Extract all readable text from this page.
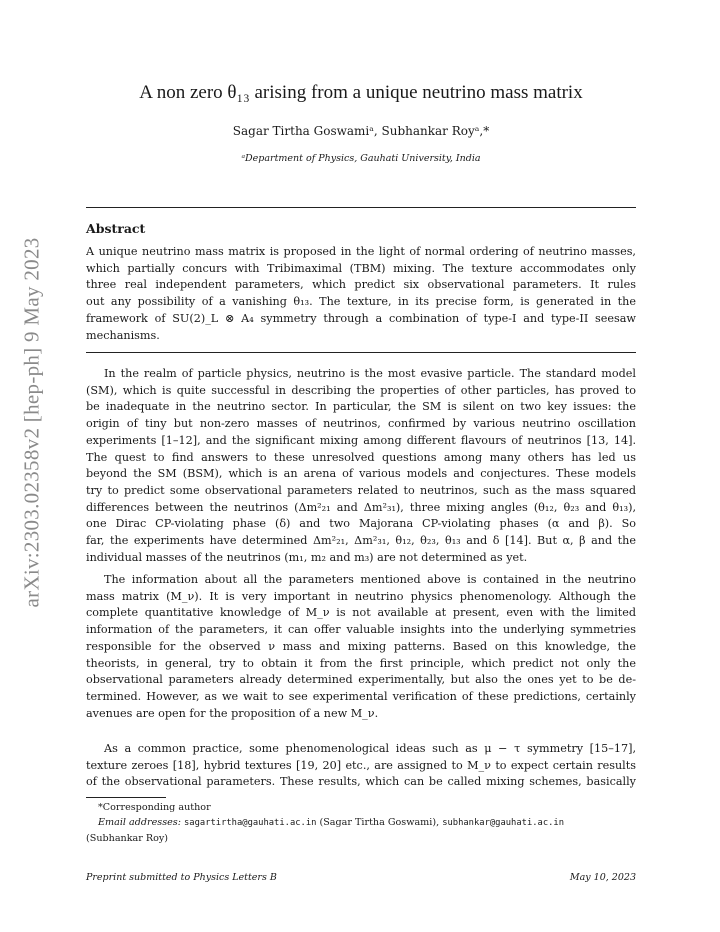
arXiv:2303.02358v2 [hep-ph] 9 May 2023
A non zero θ₁₃ arising from a unique neutrino mass matrix
Sagar Tirtha Goswamiᵃ, Subhankar Royᵃ,*
ᵃDepartment of Physics, Gauhati University, India
Abstract
A unique neutrino mass matrix is proposed in the light of normal ordering of neutrino masses,
which partially concurs with Tribimaximal (TBM) mixing. The texture accommodates only
three real independent parameters, which predict six observational parameters. It rules
out any possibility of a vanishing θ₁₃. The texture, in its precise form, is generated in the
framework of SU(2)_L ⊗ A₄ symmetry through a combination of type-I and type-II seesaw
mechanisms.
In the realm of particle physics, neutrino is the most evasive particle. The standard model
(SM), which is quite successful in describing the properties of other particles, has proved to
be inadequate in the neutrino sector. In particular, the SM is silent on two key issues: the
origin of tiny but non-zero masses of neutrinos, confirmed by various neutrino oscillation
experiments [1–12], and the significant mixing among different flavours of neutrinos [13, 14].
The quest to find answers to these unresolved questions among many others has led us
beyond the SM (BSM), which is an arena of various models and conjectures. These models
try to predict some observational parameters related to neutrinos, such as the mass squared
differences between the neutrinos (Δm²₂₁ and Δm²₃₁), three mixing angles (θ₁₂, θ₂₃ and θ₁₃),
one Dirac CP-violating phase (δ) and two Majorana CP-violating phases (α and β). So
far, the experiments have determined Δm²₂₁, Δm²₃₁, θ₁₂, θ₂₃, θ₁₃ and δ [14]. But α, β and the
individual masses of the neutrinos (m₁, m₂ and m₃) are not determined as yet.
The information about all the parameters mentioned above is contained in the neutrino
mass matrix (M_ν). It is very important in neutrino physics phenomenology. Although the
complete quantitative knowledge of M_ν is not available at present, even with the limited
information of the parameters, it can offer valuable insights into the underlying symmetries
responsible for the observed ν mass and mixing patterns. Based on this knowledge, the
theorists, in general, try to obtain it from the first principle, which predict not only the
observational parameters already determined experimentally, but also the ones yet to be de-
termined. However, as we wait to see experimental verification of these predictions, certainly
avenues are open for the proposition of a new M_ν.
As a common practice, some phenomenological ideas such as μ − τ symmetry [15–17],
texture zeroes [18], hybrid textures [19, 20] etc., are assigned to M_ν to expect certain results
of the observational parameters. These results, which can be called mixing schemes, basically
*Corresponding author
Email addresses: sagartirtha@gauhati.ac.in (Sagar Tirtha Goswami), subhankar@gauhati.ac.in
(Subhankar Roy)
Preprint submitted to Physics Letters B	May 10, 2023
